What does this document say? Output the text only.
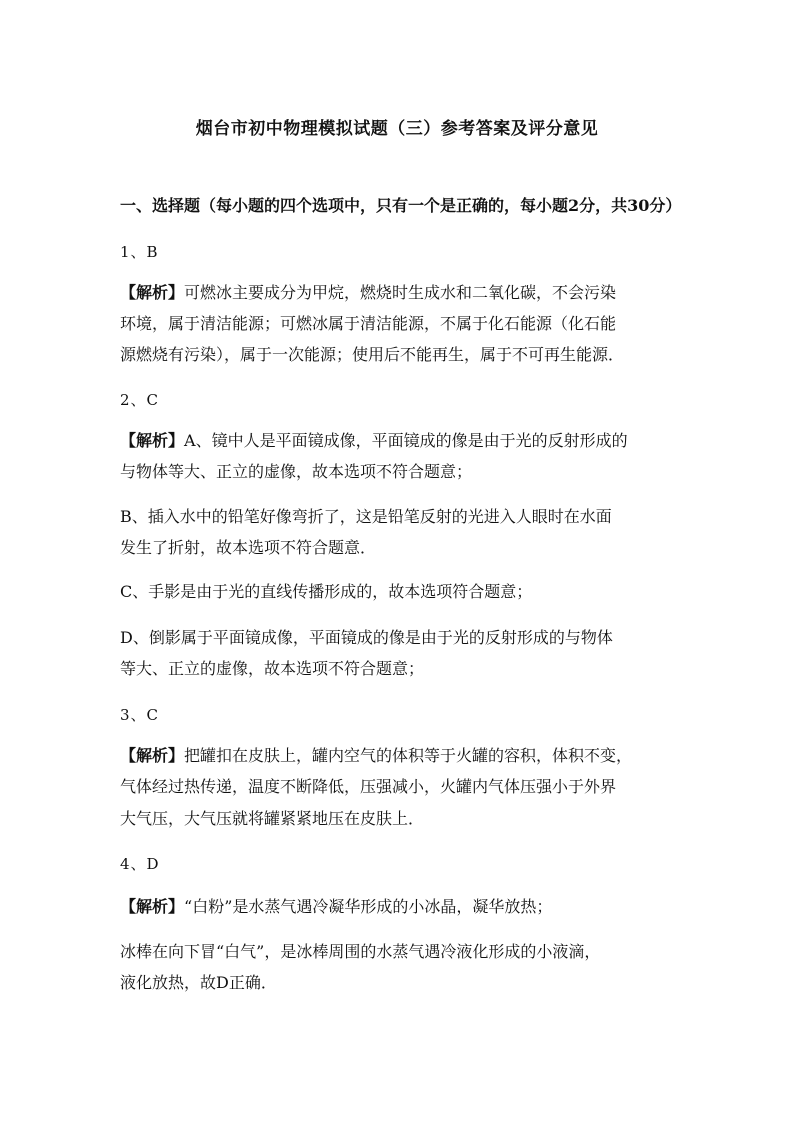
烟台市初中物理模拟试题（三）参考答案及评分意见
一、选择题（每小题的四个选项中，只有一个是正确的，每小题2分，共30分）
1、B
【解析】可燃冰主要成分为甲烷，燃烧时生成水和二氧化碳，不会污染
环境，属于清洁能源；可燃冰属于清洁能源，不属于化石能源（化石能
源燃烧有污染），属于一次能源；使用后不能再生，属于不可再生能源．
2、C
【解析】A、镜中人是平面镜成像，平面镜成的像是由于光的反射形成的
与物体等大、正立的虚像，故本选项不符合题意；
B、插入水中的铅笔好像弯折了，这是铅笔反射的光进入人眼时在水面
发生了折射，故本选项不符合题意．
C、手影是由于光的直线传播形成的，故本选项符合题意；
D、倒影属于平面镜成像，平面镜成的像是由于光的反射形成的与物体
等大、正立的虚像，故本选项不符合题意；
3、C
【解析】把罐扣在皮肤上，罐内空气的体积等于火罐的容积，体积不变，
气体经过热传递，温度不断降低，压强减小，火罐内气体压强小于外界
大气压，大气压就将罐紧紧地压在皮肤上．
4、D
【解析】“白粉”是水蒸气遇冷凝华形成的小冰晶，凝华放热；
冰棒在向下冒“白气”，是冰棒周围的水蒸气遇冷液化形成的小液滴，
液化放热，故D正确．
